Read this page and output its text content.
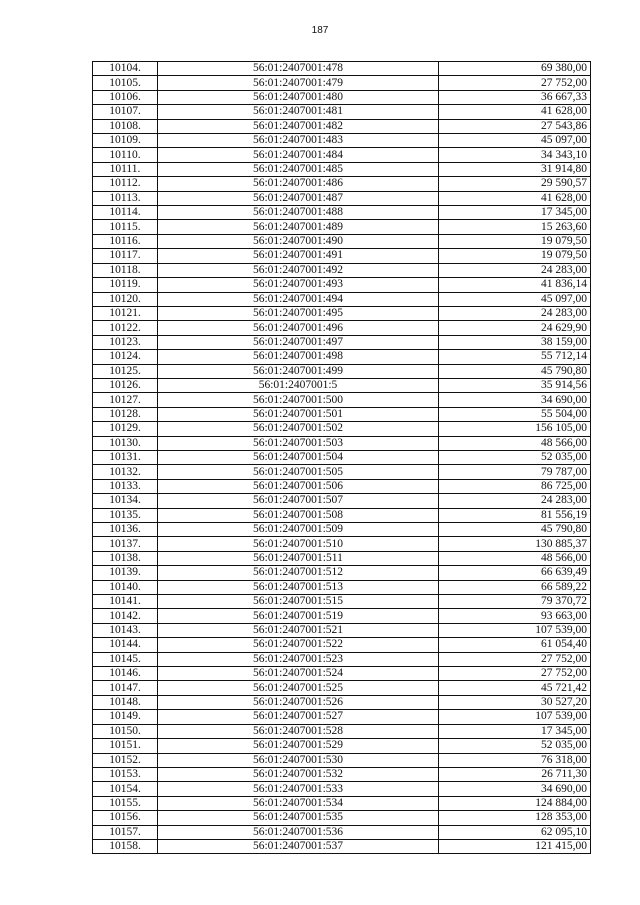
187
10104.	56:01:2407001:478	69 380,00
10105.	56:01:2407001:479	27 752,00
10106.	56:01:2407001:480	36 667,33
10107.	56:01:2407001:481	41 628,00
10108.	56:01:2407001:482	27 543,86
10109.	56:01:2407001:483	45 097,00
10110.	56:01:2407001:484	34 343,10
10111.	56:01:2407001:485	31 914,80
10112.	56:01:2407001:486	29 590,57
10113.	56:01:2407001:487	41 628,00
10114.	56:01:2407001:488	17 345,00
10115.	56:01:2407001:489	15 263,60
10116.	56:01:2407001:490	19 079,50
10117.	56:01:2407001:491	19 079,50
10118.	56:01:2407001:492	24 283,00
10119.	56:01:2407001:493	41 836,14
10120.	56:01:2407001:494	45 097,00
10121.	56:01:2407001:495	24 283,00
10122.	56:01:2407001:496	24 629,90
10123.	56:01:2407001:497	38 159,00
10124.	56:01:2407001:498	55 712,14
10125.	56:01:2407001:499	45 790,80
10126.	56:01:2407001:5	35 914,56
10127.	56:01:2407001:500	34 690,00
10128.	56:01:2407001:501	55 504,00
10129.	56:01:2407001:502	156 105,00
10130.	56:01:2407001:503	48 566,00
10131.	56:01:2407001:504	52 035,00
10132.	56:01:2407001:505	79 787,00
10133.	56:01:2407001:506	86 725,00
10134.	56:01:2407001:507	24 283,00
10135.	56:01:2407001:508	81 556,19
10136.	56:01:2407001:509	45 790,80
10137.	56:01:2407001:510	130 885,37
10138.	56:01:2407001:511	48 566,00
10139.	56:01:2407001:512	66 639,49
10140.	56:01:2407001:513	66 589,22
10141.	56:01:2407001:515	79 370,72
10142.	56:01:2407001:519	93 663,00
10143.	56:01:2407001:521	107 539,00
10144.	56:01:2407001:522	61 054,40
10145.	56:01:2407001:523	27 752,00
10146.	56:01:2407001:524	27 752,00
10147.	56:01:2407001:525	45 721,42
10148.	56:01:2407001:526	30 527,20
10149.	56:01:2407001:527	107 539,00
10150.	56:01:2407001:528	17 345,00
10151.	56:01:2407001:529	52 035,00
10152.	56:01:2407001:530	76 318,00
10153.	56:01:2407001:532	26 711,30
10154.	56:01:2407001:533	34 690,00
10155.	56:01:2407001:534	124 884,00
10156.	56:01:2407001:535	128 353,00
10157.	56:01:2407001:536	62 095,10
10158.	56:01:2407001:537	121 415,00
